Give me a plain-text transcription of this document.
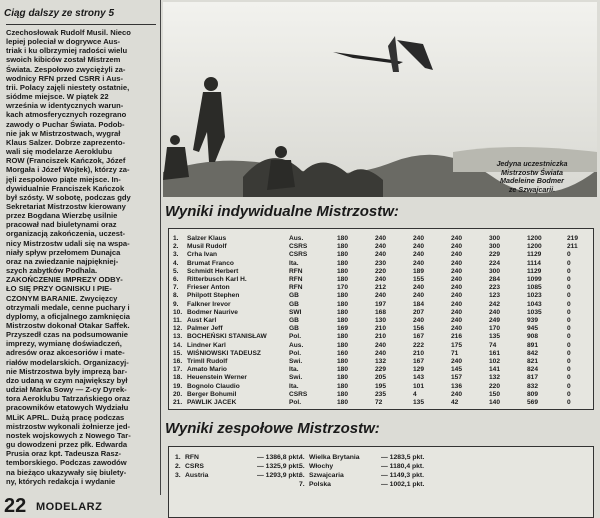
Ciąg dalszy ze strony 5
Czechosłowak Rudolf Musil. Nieco
lepiej poleciał w dogrywce Aus-
triak i ku olbrzymiej radości wielu
swoich kibiców został Mistrzem
Świata. Zespołowo zwyciężyli za-
wodnicy RFN przed CSRR i Aus-
trii. Polacy zajęli niestety ostatnie,
siódme miejsce. W piątek 22
września w identycznych warun-
kach atmosferycznych rozegrano
zawody o Puchar Świata. Podob-
nie jak w Mistrzostwach, wygrał
Klaus Salzer. Dobrze zaprezento-
wali się modelarze Aeroklubu
ROW (Franciszek Kańczok, Józef
Morgała i Józef Wojtek), którzy za-
jęli zespołowo piąte miejsce. In-
dywidualnie Franciszek Kańczok
był szósty. W sobotę, podczas gdy
Sekretariat Mistrzostw kierowany
przez Bogdana Wierzbę usilnie
pracował nad biuletynami oraz
organizacją zakończenia, uczest-
nicy Mistrzostw udali się na wspa-
niały spływ przełomem Dunajca
oraz na zwiedzanie najpiękniej-
szych zabytków Podhala.
ZAKOŃCZENIE IMPREZY ODBY-
ŁO SIĘ PRZY OGNISKU I PIE-
CZONYM BARANIE. Zwycięzcy
otrzymali medale, cenne puchary i
dyplomy, a oficjalnego zamknięcia
Mistrzostw dokonał Otakar Saffek.
Przyszedł czas na podsumowanie
imprezy, wymianę doświadczeń,
adresów oraz akcesoriów i mate-
riałów modelarskich. Organizacyj-
nie Mistrzostwa były imprezą bar-
dzo udaną w czym największy był
udział Marka Sowy — Z-cy Dyrek-
tora Aeroklubu Tatrzańskiego oraz
pracowników etatowych Wydziału
MLiK APRL. Dużą pracę podczas
mistrzostw wykonali żołnierze jed-
nostek wojskowych z Nowego Tar-
gu dowodzeni przez płk. Edwarda
Prusia oraz kpt. Tadeusza Rasz-
temborskiego. Podczas zawodów
na bieżąco ukazywały się biulety-
ny, których redakcja i wydanie
Jedyna uczestniczka
Mistrzostw Świata
Madeleine Bodmer
ze Szwajcarii.
Wyniki indywidualne Mistrzostw:
1. Salzer Klaus	Aus.	180	240	240	240	300	1200	219
2. Musil Rudolf	CSRS	180	240	240	240	300	1200	211
3. Crha Ivan	CSRS	180	240	240	240	229	1129	0
4. Brumat Franco	Ita.	180	230	240	240	224	1114	0
5. Schmidt Herbert	RFN	180	220	189	240	300	1129	0
6. Ritterbusch Karl H.	RFN	180	240	155	240	284	1099	0
7. Frieser Anton	RFN	170	212	240	240	223	1085	0
8. Philpott Stephen	GB	180	240	240	240	123	1023	0
9. Falkner Irevor	GB	180	197	184	240	242	1043	0
10. Bodmer Naurive	SWI	180	168	207	240	240	1035	0
11. Aust Karl	GB	180	130	240	240	249	939	0
12. Palmer Jeff	GB	169	210	156	240	170	945	0
13. BOCHEŃSKI STANISŁAW	Pol.	180	210	167	216	135	908	0
14. Lindner Karl	Aus.	180	240	222	175	74	891	0
15. WIŚNIOWSKI TADEUSZ	Pol.	160	240	210	71	161	842	0
16. Trimll Rudolf	Swi.	180	132	167	240	102	821	0
17. Amato Mario	Ita.	180	229	129	145	141	824	0
18. Heuenstein Werner	Swi.	180	205	143	157	132	817	0
19. Bognolo Claudio	Ita.	180	195	101	136	220	832	0
20. Berger Bohumil	CSRS	180	235	4	240	150	809	0
21. PAWLIK JACEK	Pol.	180	72	135	42	140	569	0
Wyniki zespołowe Mistrzostw:
1. RFN	— 1386,8 pkt.
2. CSRS	— 1325,9 pkt.
3. Austria	— 1293,9 pkt.
4. Wielka Brytania	— 1283,5 pkt.
5. Włochy	— 1180,4 pkt.
6. Szwajcaria	— 1149,3 pkt.
7. Polska	— 1002,1 pkt.
22 MODELARZ
